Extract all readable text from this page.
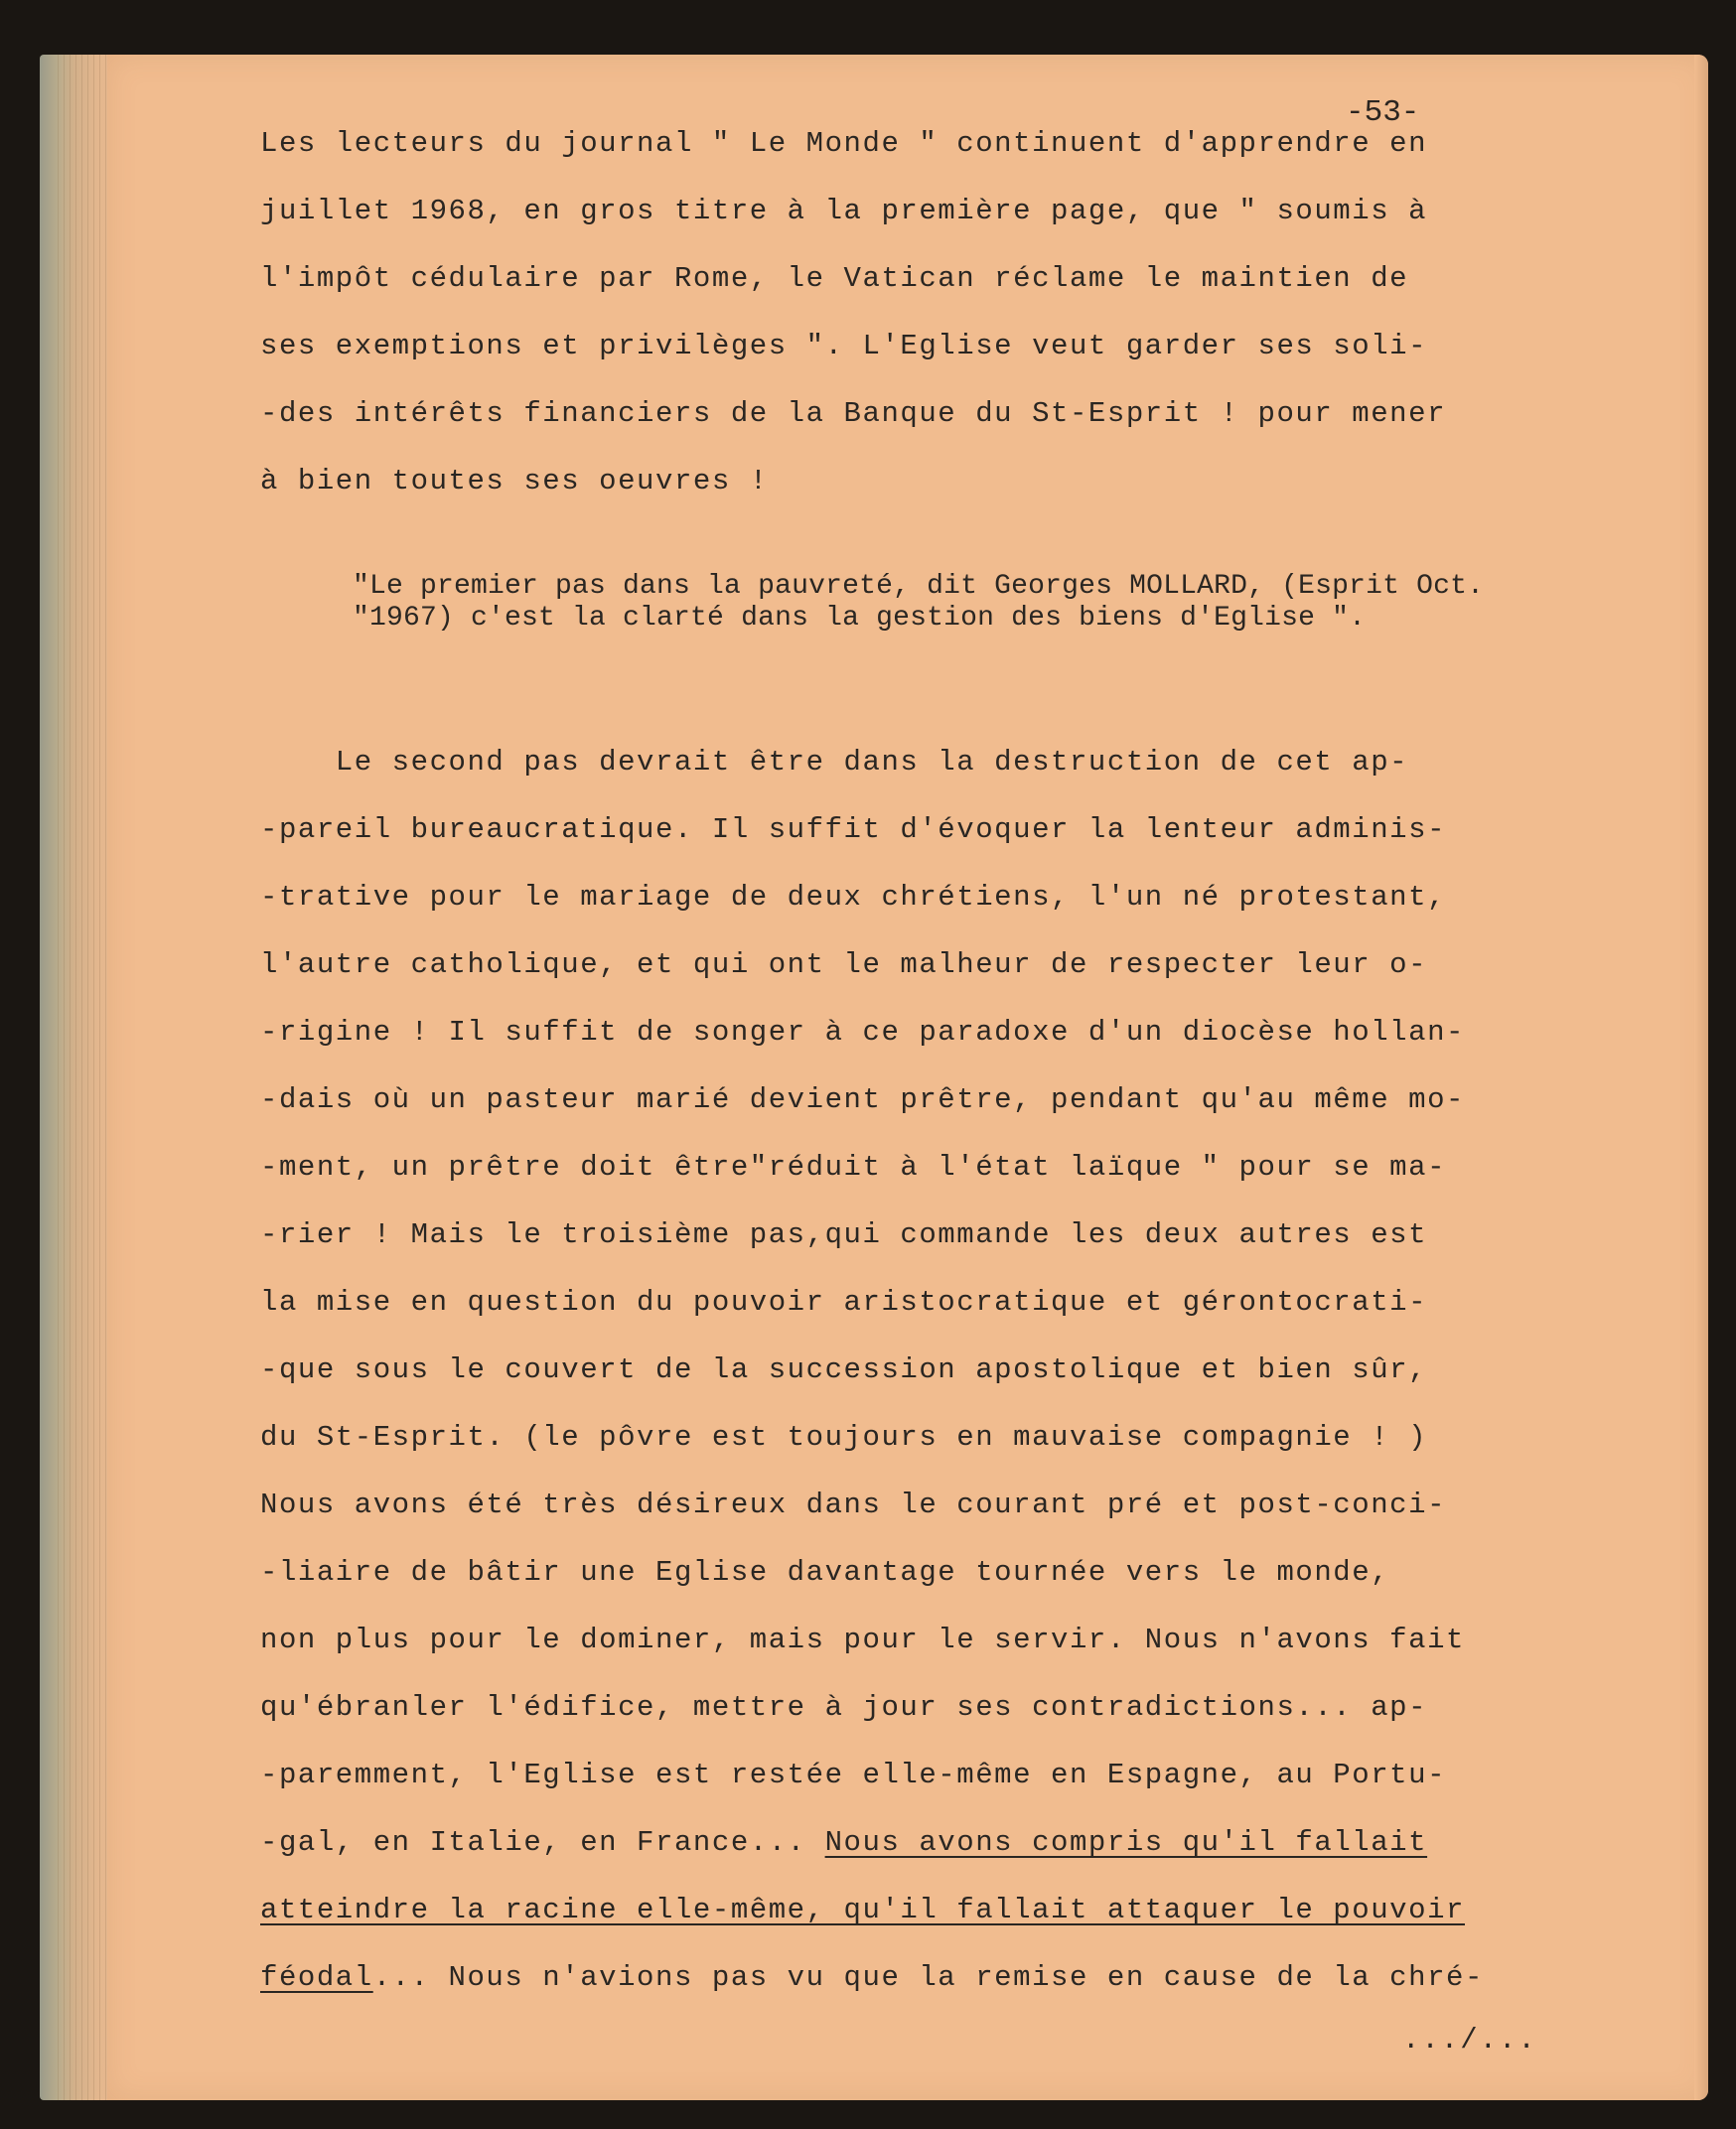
-53-
Les lecteurs du journal " Le Monde " continuent d'apprendre en
juillet 1968, en gros titre à la première page, que " soumis à
l'impôt cédulaire par Rome, le Vatican réclame le maintien de
ses exemptions et privilèges ". L'Eglise veut garder ses soli-
-des intérêts financiers de la Banque du St-Esprit ! pour mener
à bien toutes ses oeuvres !
"Le premier pas dans la pauvreté, dit Georges MOLLARD, (Esprit Oct.
"1967) c'est la clarté dans la gestion des biens d'Eglise ".
Le second pas devrait être dans la destruction de cet ap-
-pareil bureaucratique. Il suffit d'évoquer la lenteur adminis-
-trative pour le mariage de deux chrétiens, l'un né protestant,
l'autre catholique, et qui ont le malheur de respecter leur o-
-rigine ! Il suffit de songer à ce paradoxe d'un diocèse hollan-
-dais où un pasteur marié devient prêtre, pendant qu'au même mo-
-ment, un prêtre doit être"réduit à l'état laïque " pour se ma-
-rier ! Mais le troisième pas,qui commande les deux autres est
la mise en question du pouvoir aristocratique et gérontocrati-
-que sous le couvert de la succession apostolique et bien sûr,
du St-Esprit. (le pôvre est toujours en mauvaise compagnie ! )
Nous avons été très désireux dans le courant pré et post-conci-
-liaire de bâtir une Eglise davantage tournée vers le monde,
non plus pour le dominer, mais pour le servir. Nous n'avons fait
qu'ébranler l'édifice, mettre à jour ses contradictions... ap-
-paremment, l'Eglise est restée elle-même en Espagne, au Portu-
-gal, en Italie, en France... Nous avons compris qu'il fallait
atteindre la racine elle-même, qu'il fallait attaquer le pouvoir
féodal... Nous n'avions pas vu que la remise en cause de la chré-
.../...
